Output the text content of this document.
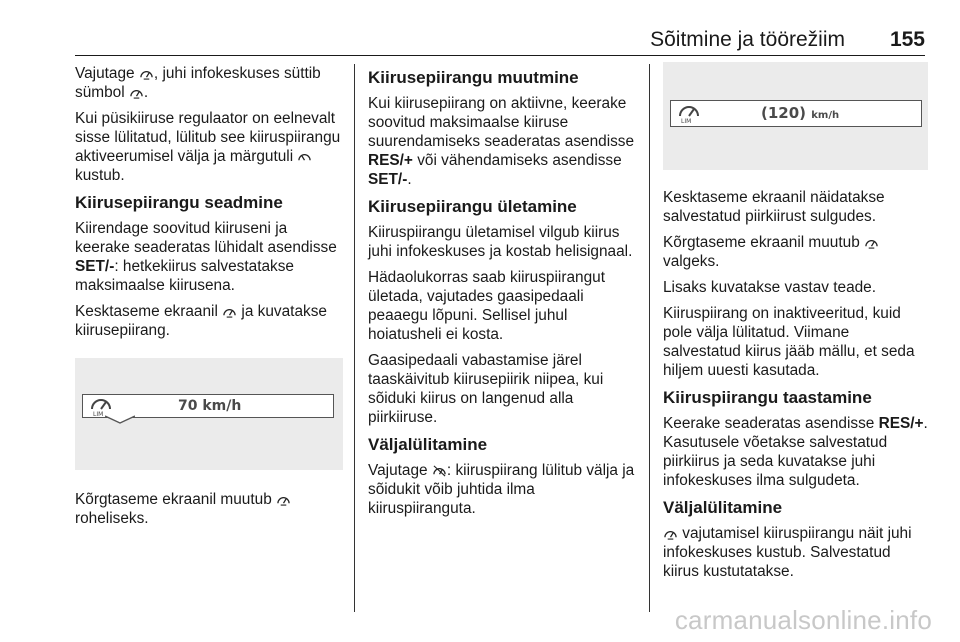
Sõitmine ja töörežiim 155

Vajutage , juhi infokeskuses süttib sümbol .

Kui püsikiiruse regulaator on eelnevalt sisse lülitatud, lülitub see kiiruspiirangu aktiveerumisel välja ja märgutuli  kustub.

Kiirusepiirangu seadmine

Kiirendage soovitud kiiruseni ja keerake seaderatas lühidalt asendisse SET/-: hetkekiirus salvestatakse maksimaalse kiirusena.

Kesktaseme ekraanil  ja kuvatakse kiirusepiirang.

LIM
70 km/h

Kõrgtaseme ekraanil muutub  roheliseks.

Kiirusepiirangu muutmine

Kui kiirusepiirang on aktiivne, keerake soovitud maksimaalse kiiruse suurendamiseks seaderatas asendisse RES/+ või vähendamiseks asendisse SET/-.

Kiirusepiirangu ületamine

Kiiruspiirangu ületamisel vilgub kiirus juhi infokeskuses ja kostab helisignaal.

Hädaolukorras saab kiiruspiirangut ületada, vajutades gaasipedaali peaaegu lõpuni. Sellisel juhul hoiatusheli ei kosta.

Gaasipedaali vabastamise järel taaskäivitub kiirusepiirik niipea, kui sõiduki kiirus on langenud alla piirkiiruse.

Väljalülitamine

Vajutage : kiiruspiirang lülitub välja ja sõidukit võib juhtida ilma kiiruspiiranguta.

LIM	(120) km/h

Kesktaseme ekraanil näidatakse salvestatud piirkiirust sulgudes.

Kõrgtaseme ekraanil muutub  valgeks.

Lisaks kuvatakse vastav teade.

Kiiruspiirang on inaktiveeritud, kuid pole välja lülitatud. Viimane salvestatud kiirus jääb mällu, et seda hiljem uuesti kasutada.

Kiiruspiirangu taastamine

Keerake seaderatas asendisse RES/+. Kasutusele võetakse salvestatud piirkiirus ja seda kuvatakse juhi infokeskuses ilma sulgudeta.

Väljalülitamine

vajutamisel kiiruspiirangu näit juhi infokeskuses kustub. Salvestatud kiirus kustutatakse.

carmanualsonline.info
